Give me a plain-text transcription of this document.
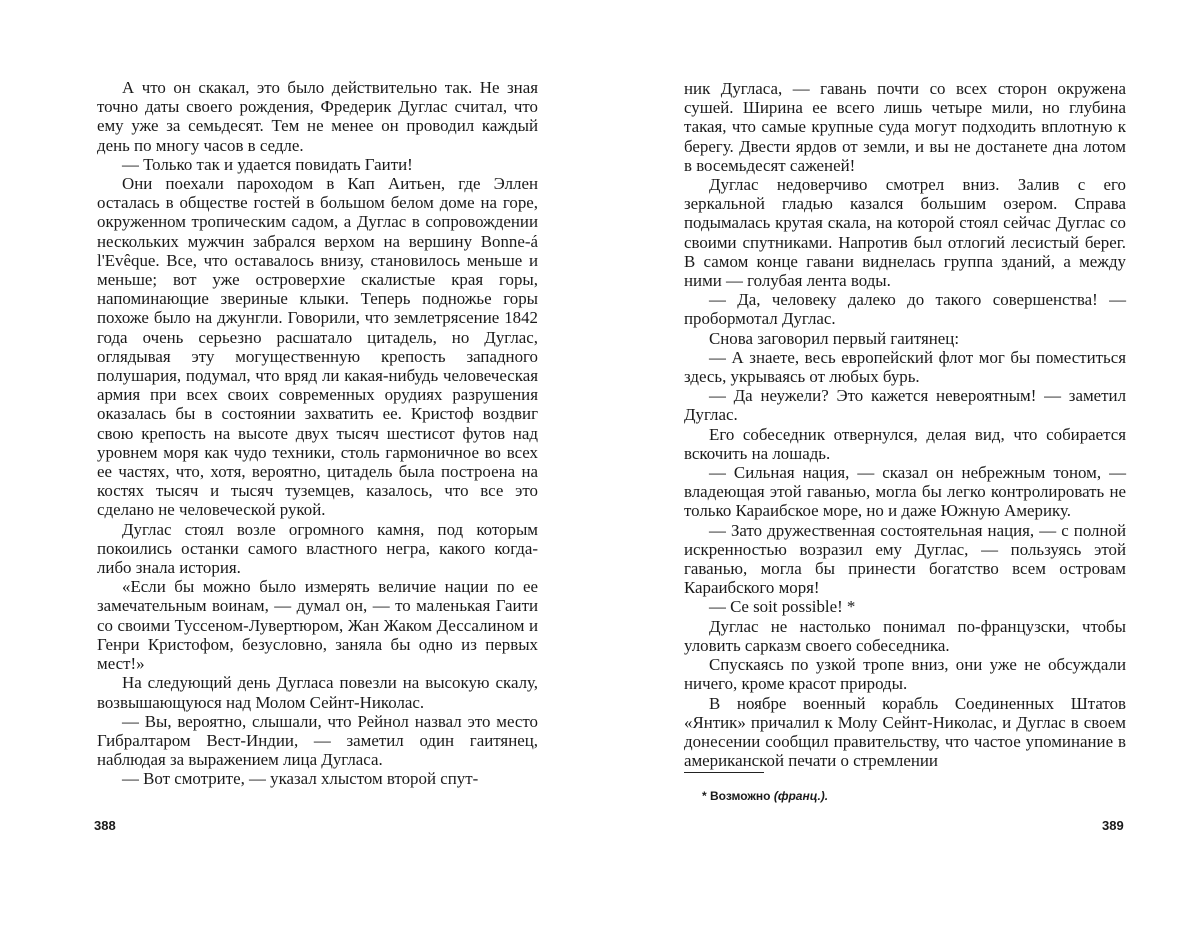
А что он скакал, это было действительно так. Не зная точно даты своего рождения, Фредерик Дуглас считал, что ему уже за семьдесят. Тем не менее он проводил каждый день по многу часов в седле.

— Только так и удается повидать Гаити!

Они поехали пароходом в Кап Аитьен, где Эллен осталась в обществе гостей в большом белом доме на горе, окруженном тропическим садом, а Дуглас в сопровождении нескольких мужчин забрался верхом на вершину Bonne-á l'Evêque. Все, что оставалось внизу, становилось меньше и меньше; вот уже островерхие скалистые края горы, напоминающие звериные клыки. Теперь подножье горы похоже было на джунгли. Говорили, что землетрясение 1842 года очень серьезно расшатало цитадель, но Дуглас, оглядывая эту могущественную крепость западного полушария, подумал, что вряд ли какая-нибудь человеческая армия при всех своих современных орудиях разрушения оказалась бы в состоянии захватить ее. Кристоф воздвиг свою крепость на высоте двух тысяч шестисот футов над уровнем моря как чудо техники, столь гармоничное во всех ее частях, что, хотя, вероятно, цитадель была построена на костях тысяч и тысяч туземцев, казалось, что все это сделано не человеческой рукой.

Дуглас стоял возле огромного камня, под которым покоились останки самого властного негра, какого когда-либо знала история.

«Если бы можно было измерять величие нации по ее замечательным воинам, — думал он, — то маленькая Гаити со своими Туссеном-Лувертюром, Жан Жаком Дессалином и Генри Кристофом, безусловно, заняла бы одно из первых мест!»

На следующий день Дугласа повезли на высокую скалу, возвышающуюся над Молом Сейнт-Николас.

— Вы, вероятно, слышали, что Рейнол назвал это место Гибралтаром Вест-Индии, — заметил один гаитянец, наблюдая за выражением лица Дугласа.

— Вот смотрите, — указал хлыстом второй спут-

388

ник Дугласа, — гавань почти со всех сторон окружена сушей. Ширина ее всего лишь четыре мили, но глубина такая, что самые крупные суда могут подходить вплотную к берегу. Двести ярдов от земли, и вы не достанете дна лотом в восемьдесят саженей!

Дуглас недоверчиво смотрел вниз. Залив с его зеркальной гладью казался большим озером. Справа подымалась крутая скала, на которой стоял сейчас Дуглас со своими спутниками. Напротив был отлогий лесистый берег. В самом конце гавани виднелась группа зданий, а между ними — голубая лента воды.

— Да, человеку далеко до такого совершенства! — пробормотал Дуглас.

Снова заговорил первый гаитянец:

— А знаете, весь европейский флот мог бы поместиться здесь, укрываясь от любых бурь.

— Да неужели? Это кажется невероятным! — заметил Дуглас.

Его собеседник отвернулся, делая вид, что собирается вскочить на лошадь.

— Сильная нация, — сказал он небрежным тоном, — владеющая этой гаванью, могла бы легко контролировать не только Караибское море, но и даже Южную Америку.

— Зато дружественная состоятельная нация, — с полной искренностью возразил ему Дуглас, — пользуясь этой гаванью, могла бы принести богатство всем островам Караибского моря!

— Ce soit possible! *

Дуглас не настолько понимал по-французски, чтобы уловить сарказм своего собеседника.

Спускаясь по узкой тропе вниз, они уже не обсуждали ничего, кроме красот природы.

В ноябре военный корабль Соединенных Штатов «Янтик» причалил к Молу Сейнт-Николас, и Дуглас в своем донесении сообщил правительству, что частое упоминание в американской печати о стремлении

* Возможно (франц.).
389
